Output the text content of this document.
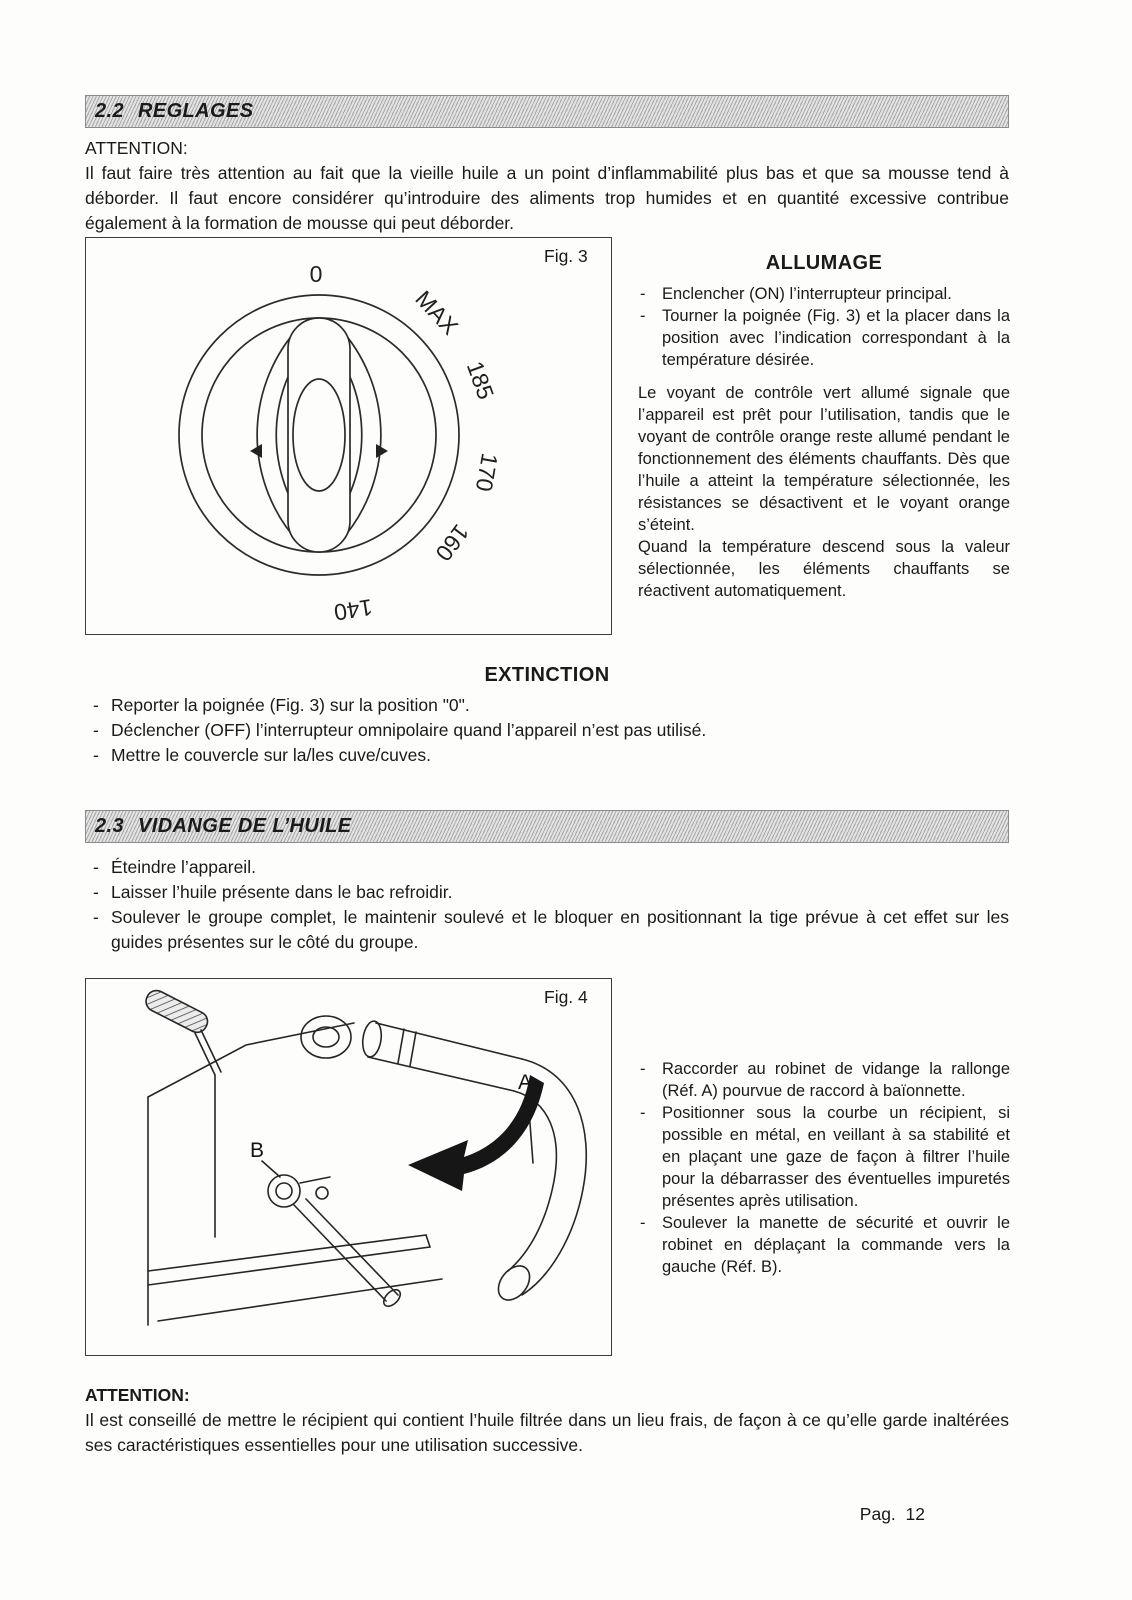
2.2 REGLAGES
ATTENTION:
Il faut faire très attention au fait que la vieille huile a un point d’inflammabilité plus bas et que sa mousse tend à déborder. Il faut encore considérer qu’introduire des aliments trop humides et en quantité excessive contribue également à la formation de mousse qui peut déborder.
Fig. 3
0
MAX
185
170
160
140
ALLUMAGE
-	Enclencher (ON) l’interrupteur principal.
-	Tourner la poignée (Fig. 3) et la placer dans la position avec l’indication correspondant à la température désirée.

Le voyant de contrôle vert allumé signale que l’appareil est prêt pour l’utilisation, tandis que le voyant de contrôle orange reste allumé pendant le fonctionnement des éléments chauffants. Dès que l’huile a atteint la température sélectionnée, les résistances se désactivent et le voyant orange s’éteint.

Quand la température descend sous la valeur sélectionnée, les éléments chauffants se réactivent automatiquement.

EXTINCTION
- Reporter la poignée (Fig. 3) sur la position "0".
- Déclencher (OFF) l’interrupteur omnipolaire quand l’appareil n’est pas utilisé.
- Mettre le couvercle sur la/les cuve/cuves.
2.3 VIDANGE DE L’HUILE
- Éteindre l’appareil.
- Laisser l’huile présente dans le bac refroidir.
- Soulever le groupe complet, le maintenir soulevé et le bloquer en positionnant la tige prévue à cet effet sur les guides présentes sur le côté du groupe.
Fig. 4
A
B
-	Raccorder au robinet de vidange la rallonge (Réf. A) pourvue de raccord à baïonnette.
-	Positionner sous la courbe un récipient, si possible en métal, en veillant à sa stabilité et en plaçant une gaze de façon à filtrer l’huile pour la débarrasser des éventuelles impuretés présentes après utilisation.
-	Soulever la manette de sécurité et ouvrir le robinet en déplaçant la commande vers la gauche (Réf. B).
ATTENTION:
Il est conseillé de mettre le récipient qui contient l’huile filtrée dans un lieu frais, de façon à ce qu’elle garde inaltérées ses caractéristiques essentielles pour une utilisation successive.
Pag.  12
